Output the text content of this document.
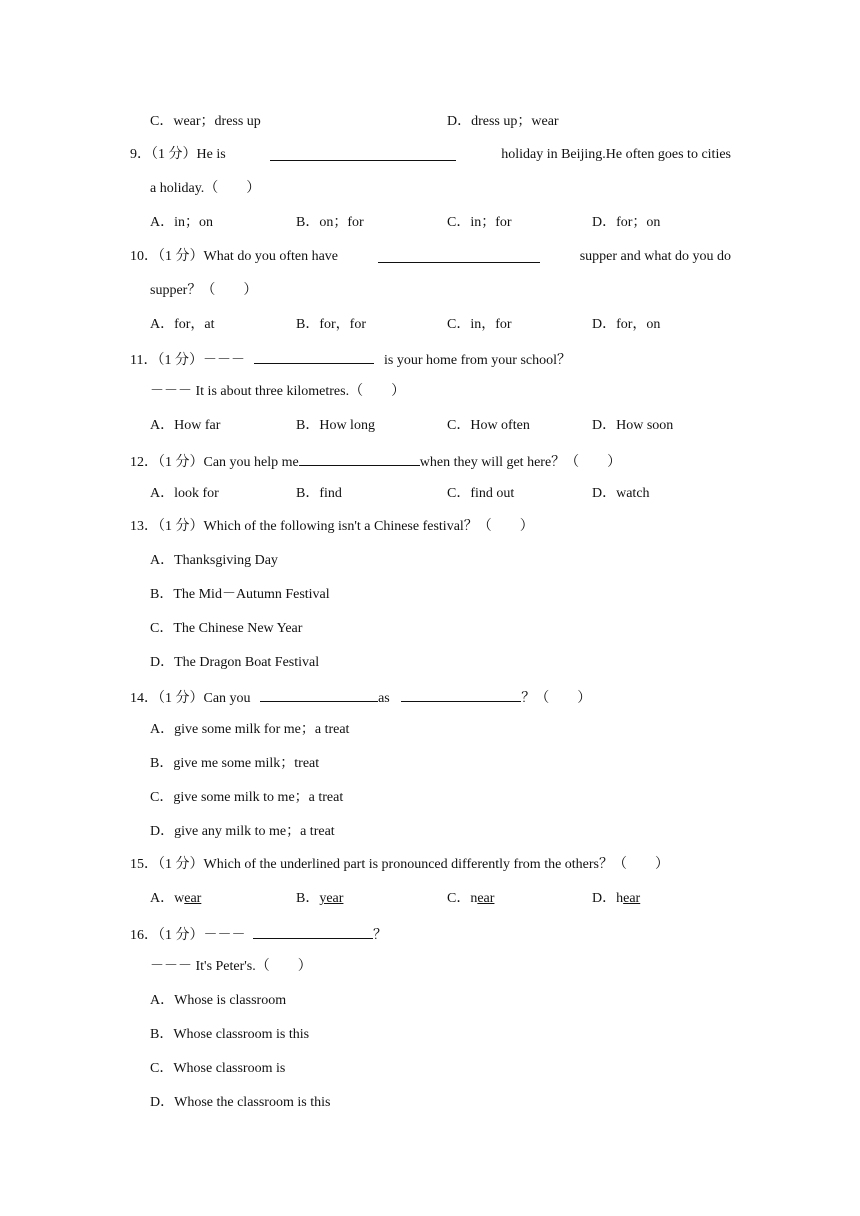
C．wear；dress up	D．dress up；wear
9．（1 分）He is	holiday in Beijing.He often goes to cities
a holiday.（　　）
A．in；on	B．on；for	C．in；for	D．for；on
10．（1 分）What do you often have	supper and what do you do
supper？（　　）
A．for，at	B．for，for	C．in，for	D．for，on
11．（1 分）－－－	is your home from your school？
－－－ It is about three kilometres.（　　）
A．How far	B．How long	C．How often	D．How soon
12．（1 分）Can you help me	when they will get here？（　　）
A．look for	B．find	C．find out	D．watch
13．（1 分）Which of the following isn't a Chinese festival？（　　）
A．Thanksgiving Day
B．The Mid－Autumn Festival
C．The Chinese New Year
D．The Dragon Boat Festival
14．（1 分）Can you	as	？（　　）
A．give some milk for me；a treat
B．give me some milk；treat
C．give some milk to me；a treat
D．give any milk to me；a treat
15．（1 分）Which of the underlined part is pronounced differently from the others？（　　）
A．wear	B．year	C．near	D．hear
16．（1 分）－－－	？
－－－ It's Peter's.（　　）
A．Whose is classroom
B．Whose classroom is this
C．Whose classroom is
D．Whose the classroom is this
